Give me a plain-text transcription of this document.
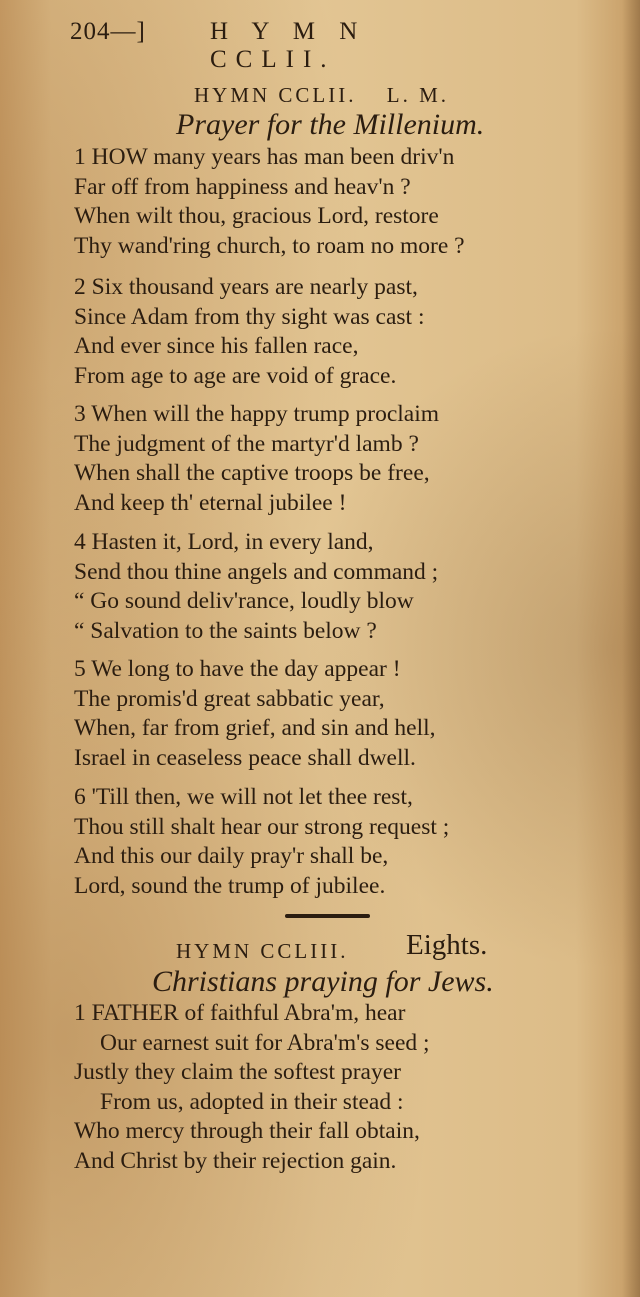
204—]	H Y M N CCLII.
HYMN CCLII. L. M.
Prayer for the Millenium.
1 HOW many years has man been driv'n
Far off from happiness and heav'n ?
When wilt thou, gracious Lord, restore
Thy wand'ring church, to roam no more ?
2 Six thousand years are nearly past,
Since Adam from thy sight was cast :
And ever since his fallen race,
From age to age are void of grace.
3 When will the happy trump proclaim
The judgment of the martyr'd lamb ?
When shall the captive troops be free,
And keep th' eternal jubilee !
4 Hasten it, Lord, in every land,
Send thou thine angels and command ;
“ Go sound deliv'rance, loudly blow
“ Salvation to the saints below ?
5 We long to have the day appear !
The promis'd great sabbatic year,
When, far from grief, and sin and hell,
Israel in ceaseless peace shall dwell.
6 'Till then, we will not let thee rest,
Thou still shalt hear our strong request ;
And this our daily pray'r shall be,
Lord, sound the trump of jubilee.
HYMN CCLIII. Eights.
Christians praying for Jews.
1 FATHER of faithful Abra'm, hear
Our earnest suit for Abra'm's seed ;
Justly they claim the softest prayer
From us, adopted in their stead :
Who mercy through their fall obtain,
And Christ by their rejection gain.
